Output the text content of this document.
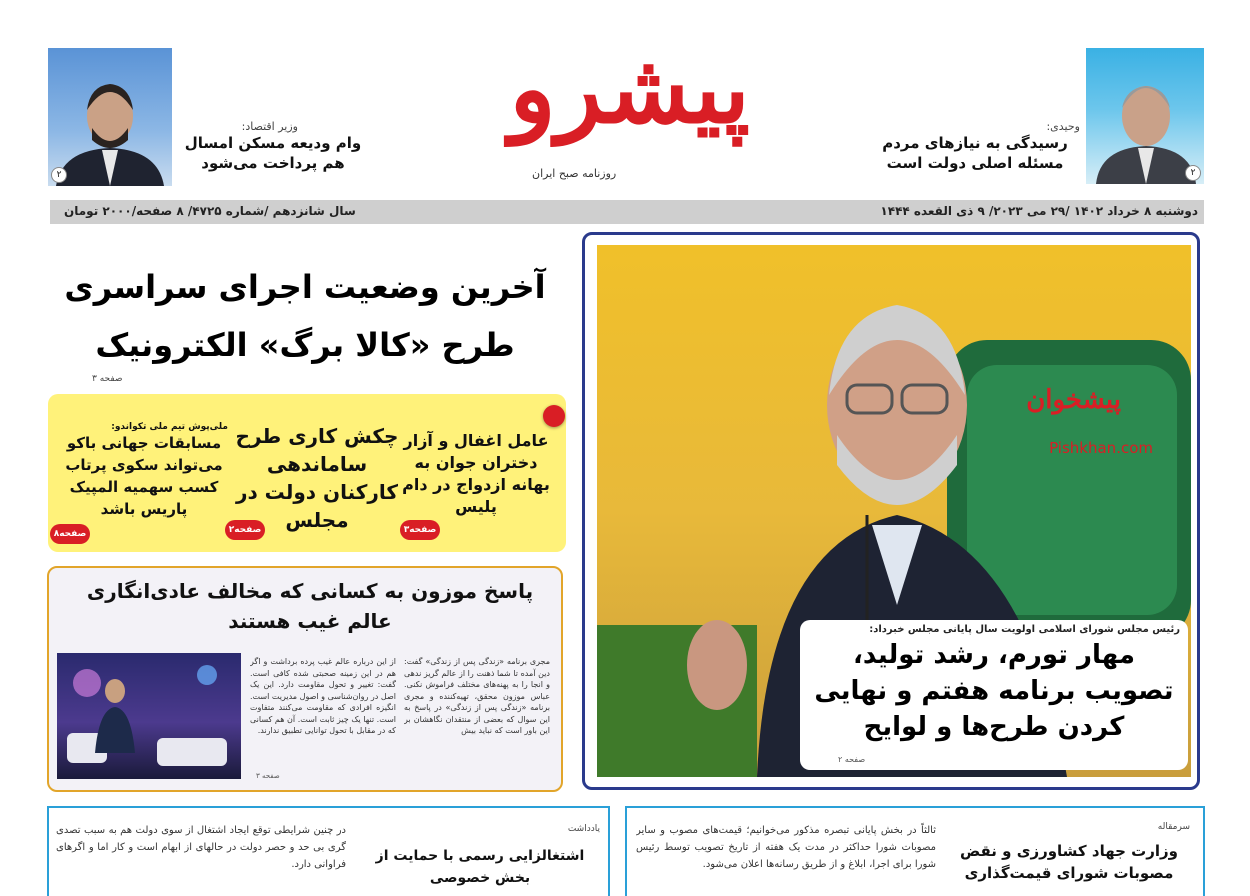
۲
وحیدی:
رسیدگی به نیازهای مردم مسئله اصلی دولت است
۲
وزیر اقتصاد:
وام ودیعه مسکن امسال هم پرداخت می‌شود
پیشرو
روزنامه صبح ایران
دوشنبه ۸ خرداد ۱۴۰۲ /۲۹ می ۲۰۲۳/ ۹ ذی القعده ۱۴۴۴
سال شانزدهم /شماره ۴۷۲۵/ ۸ صفحه/۲۰۰۰ تومان
پیشخوان
Pishkhan.com
رئیس مجلس شورای اسلامی اولویت سال پایانی مجلس خبرداد:
مهار تورم، رشد تولید، تصویب برنامه هفتم و نهایی کردن طرح‌ها و لوایح
صفحه ۲
آخرین وضعیت اجرای سراسری طرح «کالا برگ» الکترونیک
صفحه ۳
عامل اغفال و آزار دختران جوان به بهانه ازدواج در دام پلیس
صفحه۳
چکش کاری طرح ساماندهی کارکنان دولت در مجلس
صفحه۲
ملی‌پوش تیم ملی تکواندو:
مسابقات جهانی باکو می‌تواند سکوی پرتاب کسب سهمیه المپیک پاریس باشد
صفحه۸
پاسخ موزون به کسانی که مخالف عادی‌انگاری عالم غیب هستند
مجری برنامه «زندگی پس از زندگی» گفت: دین آمده تا شما ذهنت را از عالم گریز ندهی و انجا را به پهنه‌های مختلف فراموش نکنی. عباس موزون محقق، تهیه‌کننده و مجری برنامه «زندگی پس از زندگی» در پاسخ به این سوال که بعضی از منتقدان نگاهشان بر این باور است که نباید بیش
از این درباره عالم غیب پرده برداشت و اگر هم در این زمینه صحبتی شده کافی است. گفت: تغییر و تحول مقاومت دارد. این یک اصل در روان‌شناسی و اصول مدیریت است. انگیزه افرادی که مقاومت می‌کنند متفاوت است. تنها یک چیز ثابت است. آن هم کسانی که در مقابل با تحول توانایی تطبیق ندارند.
صفحه ۳
یادداشت
اشتغالزایی رسمی با حمایت از بخش خصوصی
در چنین شرایطی توقع ایجاد اشتغال از سوی دولت هم به سبب تصدی گری بی حد و حصر دولت در حالهای از ابهام است و کار اما و اگرهای فراوانی دارد.
سرمقاله
وزارت جهاد کشاورزی و نقض مصوبات شورای قیمت‌گذاری
ثالثاً در بخش پایانی تبصره مذکور می‌خوانیم؛ قیمت‌های مصوب و سایر مصوبات شورا حداکثر در مدت یک هفته از تاریخ تصویب توسط رئیس شورا برای اجرا، ابلاغ و از طریق رسانه‌ها اعلان می‌شود.
